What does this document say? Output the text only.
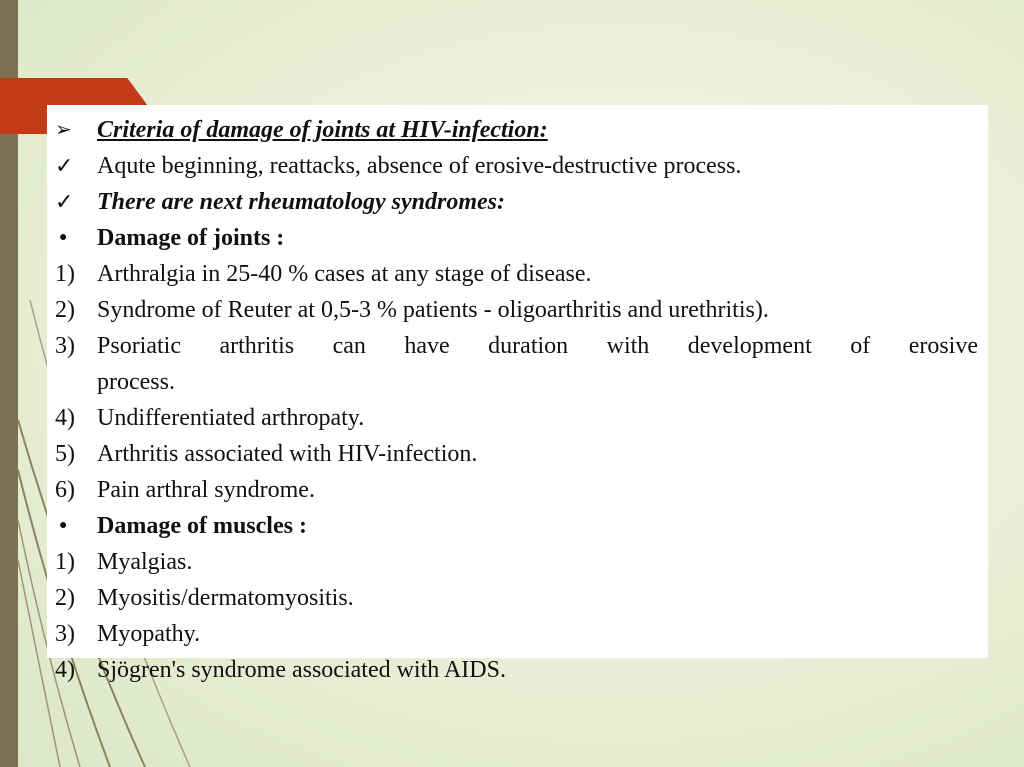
➢	Criteria of damage of joints at HIV-infection:
✓ Aqute beginning, reattacks, absence of erosive-destructive process.
✓ There are next rheumatology syndromes:
●	Damage of joints :
1) Arthralgia in 25-40 % cases at any stage of disease.
2) Syndrome of Reuter at 0,5-3 % patients - oligoarthritis and urethritis).
3) Psoriatic arthritis can have duration with development of erosive
process.
4) Undifferentiated arthropaty.
5) Arthritis associated with HIV-infection.
6) Pain arthral syndrome.
●	Damage of muscles :
1) Myalgias.
2) Myositis/dermatomyositis.
3) Myopathy.
4) Sjögren's syndrome associated with AIDS.
